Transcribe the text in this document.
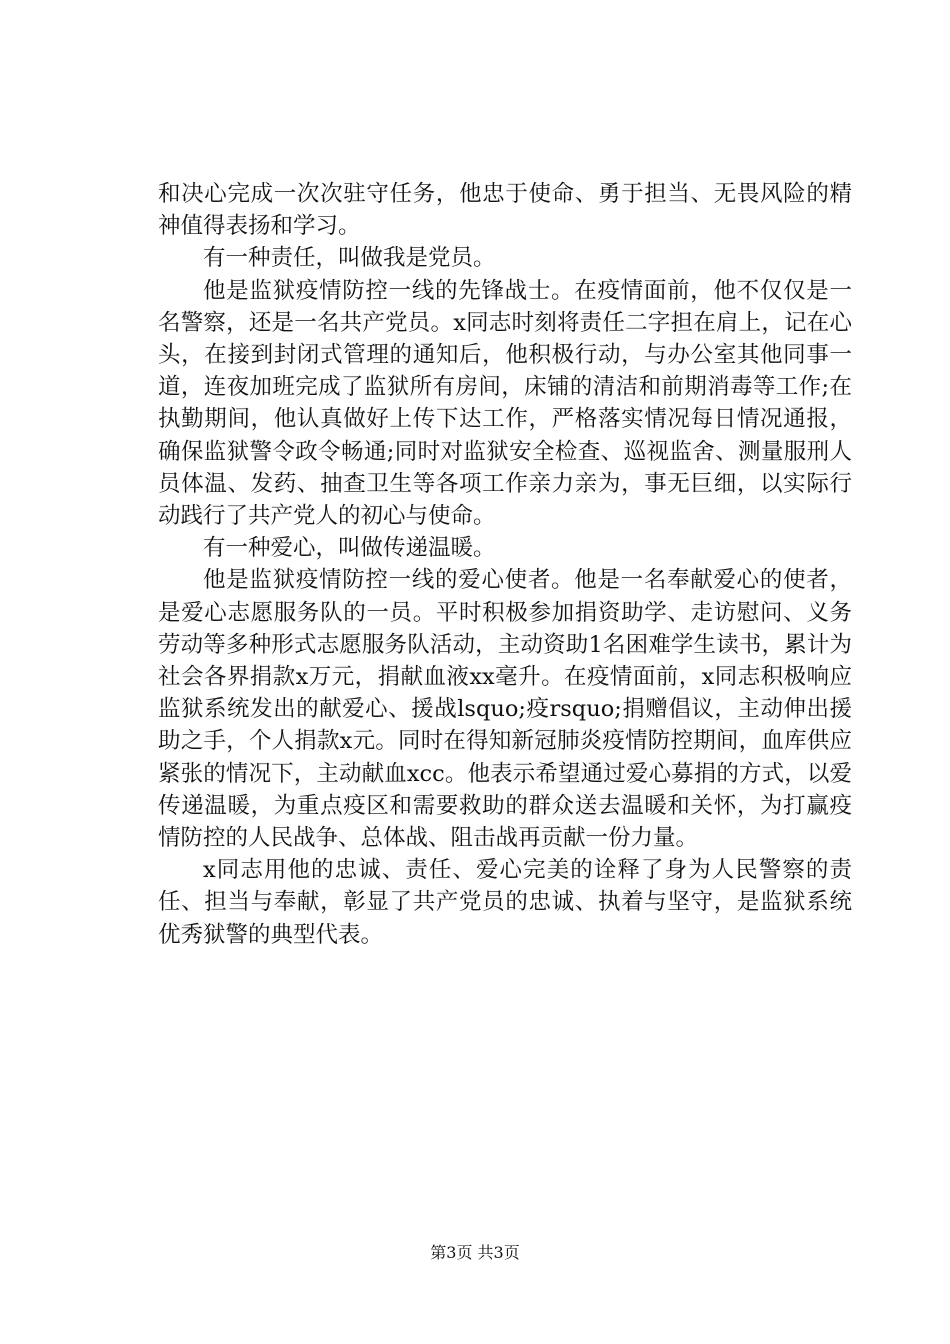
和决心完成一次次驻守任务，他忠于使命、勇于担当、无畏风险的精神值得表扬和学习。

有一种责任，叫做我是党员。

他是监狱疫情防控一线的先锋战士。在疫情面前，他不仅仅是一名警察，还是一名共产党员。x同志时刻将责任二字担在肩上，记在心头，在接到封闭式管理的通知后，他积极行动，与办公室其他同事一道，连夜加班完成了监狱所有房间，床铺的清洁和前期消毒等工作;在执勤期间，他认真做好上传下达工作，严格落实情况每日情况通报，确保监狱警令政令畅通;同时对监狱安全检查、巡视监舍、测量服刑人员体温、发药、抽查卫生等各项工作亲力亲为，事无巨细，以实际行动践行了共产党人的初心与使命。

有一种爱心，叫做传递温暖。

他是监狱疫情防控一线的爱心使者。他是一名奉献爱心的使者，是爱心志愿服务队的一员。平时积极参加捐资助学、走访慰问、义务劳动等多种形式志愿服务队活动，主动资助1名困难学生读书，累计为社会各界捐款x万元，捐献血液xx毫升。在疫情面前，x同志积极响应监狱系统发出的献爱心、援战lsquo;疫rsquo;捐赠倡议，主动伸出援助之手，个人捐款x元。同时在得知新冠肺炎疫情防控期间，血库供应紧张的情况下，主动献血xcc。他表示希望通过爱心募捐的方式，以爱传递温暖，为重点疫区和需要救助的群众送去温暖和关怀，为打赢疫情防控的人民战争、总体战、阻击战再贡献一份力量。

x同志用他的忠诚、责任、爱心完美的诠释了身为人民警察的责任、担当与奉献，彰显了共产党员的忠诚、执着与坚守，是监狱系统优秀狱警的典型代表。

第3页 共3页
